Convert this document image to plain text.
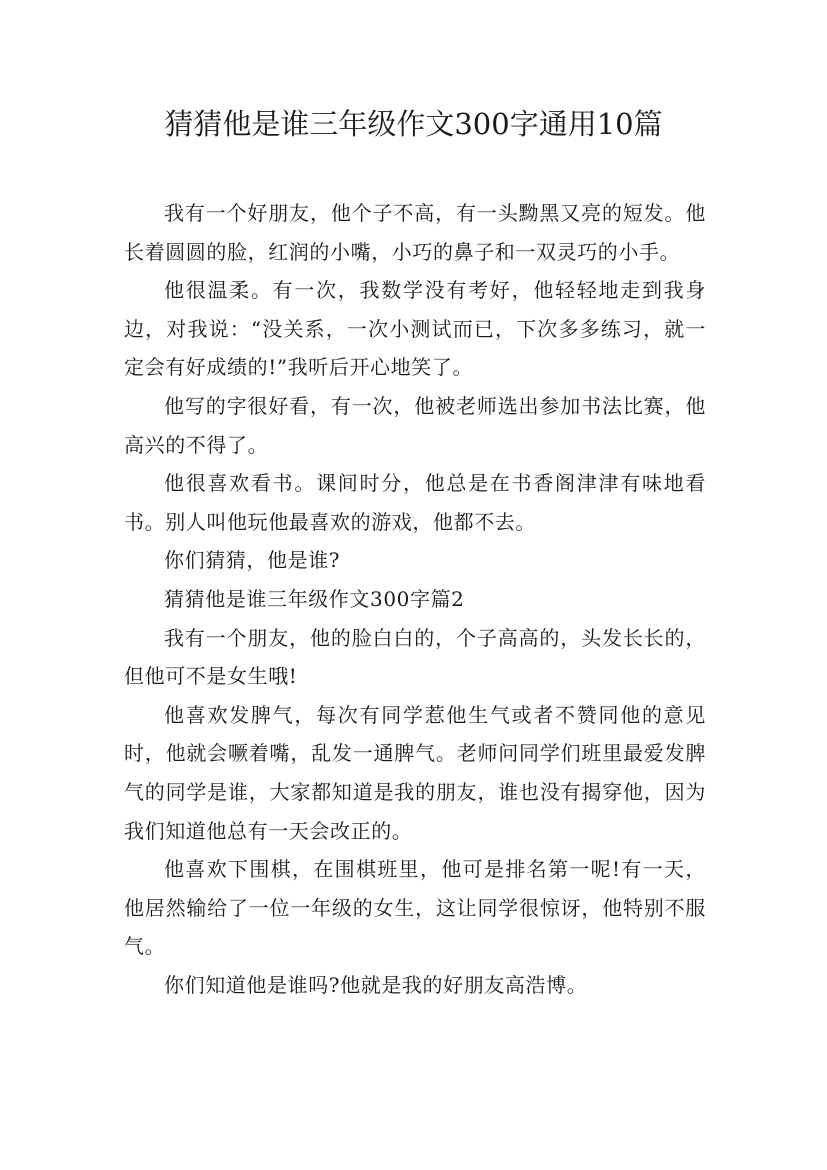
猜猜他是谁三年级作文300字通用10篇

我有一个好朋友，他个子不高，有一头黝黑又亮的短发。他长着圆圆的脸，红润的小嘴，小巧的鼻子和一双灵巧的小手。

他很温柔。有一次，我数学没有考好，他轻轻地走到我身边，对我说：“没关系，一次小测试而已，下次多多练习，就一定会有好成绩的!”我听后开心地笑了。

他写的字很好看，有一次，他被老师选出参加书法比赛，他高兴的不得了。

他很喜欢看书。课间时分，他总是在书香阁津津有味地看书。别人叫他玩他最喜欢的游戏，他都不去。

你们猜猜，他是谁?

猜猜他是谁三年级作文300字篇2

我有一个朋友，他的脸白白的，个子高高的，头发长长的，但他可不是女生哦!

他喜欢发脾气，每次有同学惹他生气或者不赞同他的意见时，他就会噘着嘴，乱发一通脾气。老师问同学们班里最爱发脾气的同学是谁，大家都知道是我的朋友，谁也没有揭穿他，因为我们知道他总有一天会改正的。

他喜欢下围棋，在围棋班里，他可是排名第一呢!有一天，他居然输给了一位一年级的女生，这让同学很惊讶，他特别不服气。

你们知道他是谁吗?他就是我的好朋友高浩博。
